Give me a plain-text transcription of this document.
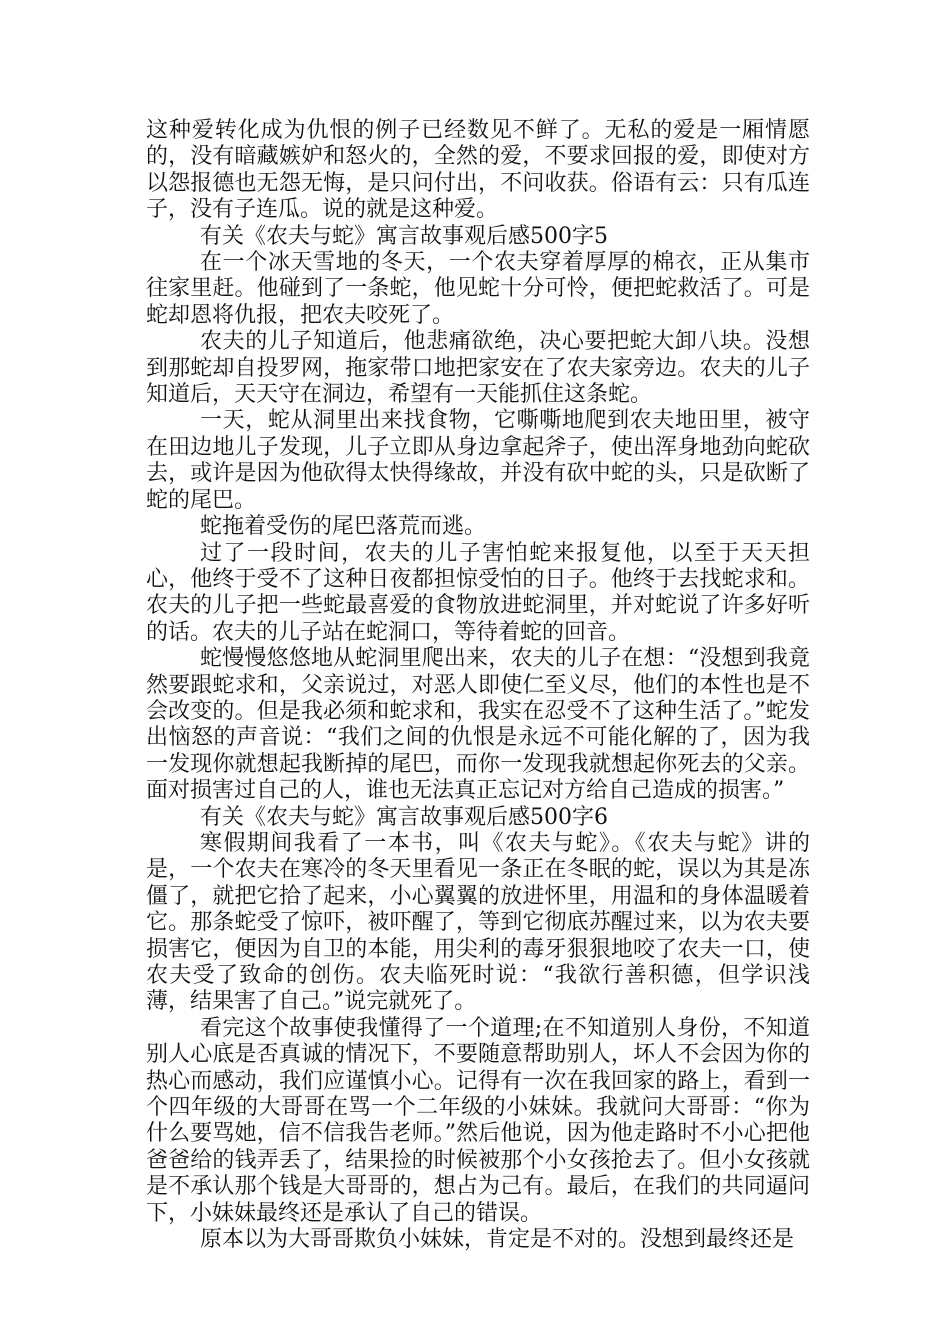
这种爱转化成为仇恨的例子已经数见不鲜了。无私的爱是一厢情愿的，没有暗藏嫉妒和怒火的，全然的爱，不要求回报的爱，即使对方以怨报德也无怨无悔，是只问付出，不问收获。俗语有云：只有瓜连子，没有子连瓜。说的就是这种爱。

有关《农夫与蛇》寓言故事观后感500字5

在一个冰天雪地的冬天，一个农夫穿着厚厚的棉衣，正从集市往家里赶。他碰到了一条蛇，他见蛇十分可怜，便把蛇救活了。可是蛇却恩将仇报，把农夫咬死了。

农夫的儿子知道后，他悲痛欲绝，决心要把蛇大卸八块。没想到那蛇却自投罗网，拖家带口地把家安在了农夫家旁边。农夫的儿子知道后，天天守在洞边，希望有一天能抓住这条蛇。

一天，蛇从洞里出来找食物，它嘶嘶地爬到农夫地田里，被守在田边地儿子发现，儿子立即从身边拿起斧子，使出浑身地劲向蛇砍去，或许是因为他砍得太快得缘故，并没有砍中蛇的头，只是砍断了蛇的尾巴。

蛇拖着受伤的尾巴落荒而逃。

过了一段时间，农夫的儿子害怕蛇来报复他，以至于天天担心，他终于受不了这种日夜都担惊受怕的日子。他终于去找蛇求和。农夫的儿子把一些蛇最喜爱的食物放进蛇洞里，并对蛇说了许多好听的话。农夫的儿子站在蛇洞口，等待着蛇的回音。

蛇慢慢悠悠地从蛇洞里爬出来，农夫的儿子在想：“没想到我竟然要跟蛇求和，父亲说过，对恶人即使仁至义尽，他们的本性也是不会改变的。但是我必须和蛇求和，我实在忍受不了这种生活了。”蛇发出恼怒的声音说：“我们之间的仇恨是永远不可能化解的了，因为我一发现你就想起我断掉的尾巴，而你一发现我就想起你死去的父亲。面对损害过自己的人，谁也无法真正忘记对方给自己造成的损害。”

有关《农夫与蛇》寓言故事观后感500字6

寒假期间我看了一本书，叫《农夫与蛇》。《农夫与蛇》讲的是，一个农夫在寒冷的冬天里看见一条正在冬眠的蛇，误以为其是冻僵了，就把它拾了起来，小心翼翼的放进怀里，用温和的身体温暖着它。那条蛇受了惊吓，被吓醒了，等到它彻底苏醒过来，以为农夫要损害它，便因为自卫的本能，用尖利的毒牙狠狠地咬了农夫一口，使农夫受了致命的创伤。农夫临死时说：“我欲行善积德，但学识浅薄，结果害了自己。”说完就死了。

看完这个故事使我懂得了一个道理;在不知道别人身份，不知道别人心底是否真诚的情况下，不要随意帮助别人，坏人不会因为你的热心而感动，我们应谨慎小心。记得有一次在我回家的路上，看到一个四年级的大哥哥在骂一个二年级的小妹妹。我就问大哥哥：“你为什么要骂她，信不信我告老师。”然后他说，因为他走路时不小心把他爸爸给的钱弄丢了，结果捡的时候被那个小女孩抢去了。但小女孩就是不承认那个钱是大哥哥的，想占为己有。最后，在我们的共同逼问下，小妹妹最终还是承认了自己的错误。

原本以为大哥哥欺负小妹妹，肯定是不对的。没想到最终还是
